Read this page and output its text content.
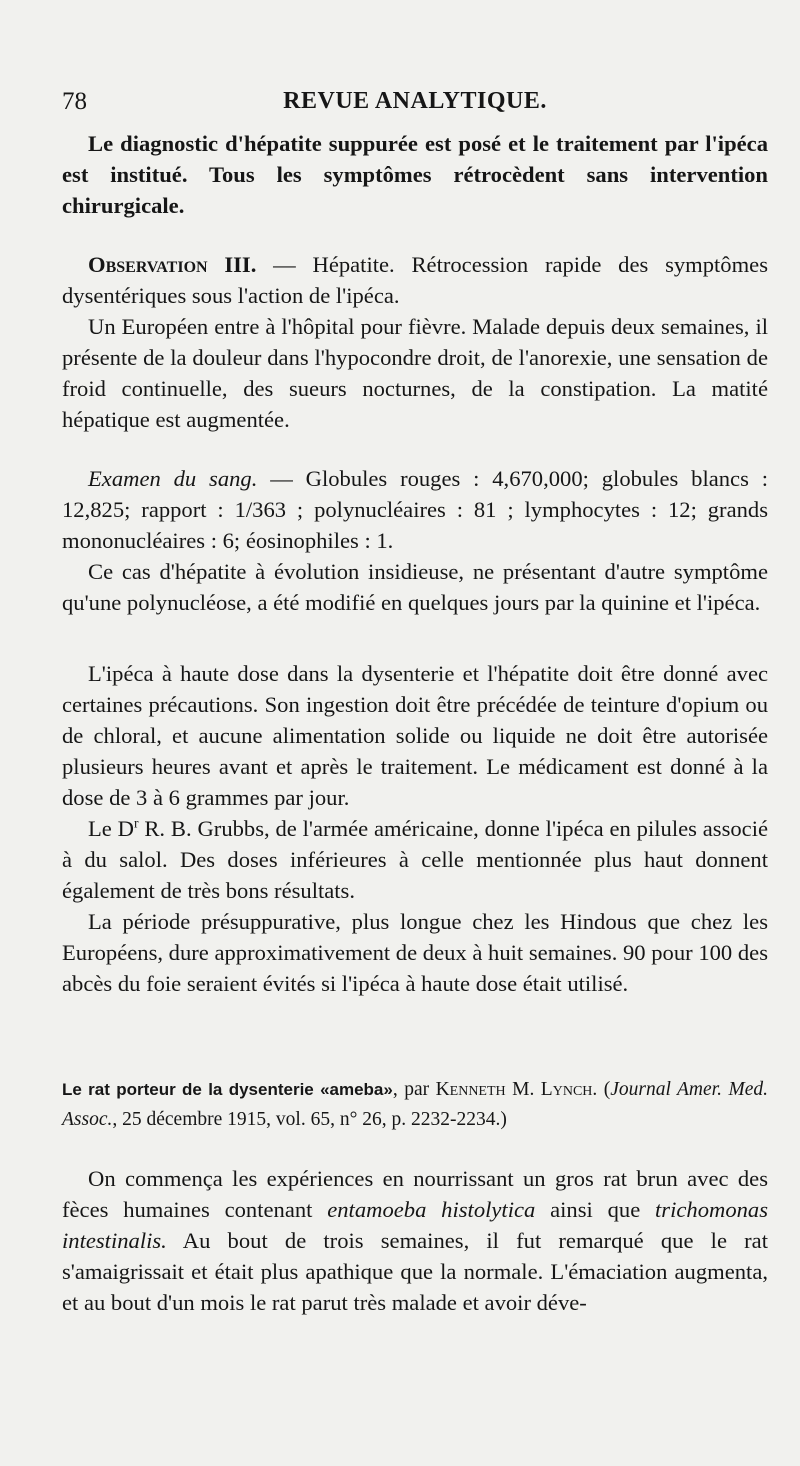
78	REVUE ANALYTIQUE.

Le diagnostic d'hépatite suppurée est posé et le traitement par l'ipéca est institué. Tous les symptômes rétrocèdent sans intervention chirurgicale.

Observation III. — Hépatite. Rétrocession rapide des symptômes dysentériques sous l'action de l'ipéca.

Un Européen entre à l'hôpital pour fièvre. Malade depuis deux semaines, il présente de la douleur dans l'hypocondre droit, de l'anorexie, une sensation de froid continuelle, des sueurs nocturnes, de la constipation. La matité hépatique est augmentée.

Examen du sang. — Globules rouges : 4,670,000; globules blancs : 12,825; rapport : 1/363 ; polynucléaires : 81 ; lymphocytes : 12; grands mononucléaires : 6; éosinophiles : 1.

Ce cas d'hépatite à évolution insidieuse, ne présentant d'autre symptôme qu'une polynucléose, a été modifié en quelques jours par la quinine et l'ipéca.

L'ipéca à haute dose dans la dysenterie et l'hépatite doit être donné avec certaines précautions. Son ingestion doit être précédée de teinture d'opium ou de chloral, et aucune alimentation solide ou liquide ne doit être autorisée plusieurs heures avant et après le traitement. Le médicament est donné à la dose de 3 à 6 grammes par jour.

Le $D^r$ R. B. Grubbs, de l'armée américaine, donne l'ipéca en pilules associé à du salol. Des doses inférieures à celle mentionnée plus haut donnent également de très bons résultats.

La période présuppurative, plus longue chez les Hindous que chez les Européens, dure approximativement de deux à huit semaines. 90 pour 100 des abcès du foie seraient évités si l'ipéca à haute dose était utilisé.

Le rat porteur de la dysenterie «ameba», par Kenneth M. Lynch. (Journal Amer. Med. Assoc., 25 décembre 1915, vol. 65, n° 26, p. 2232-2234.)

On commença les expériences en nourrissant un gros rat brun avec des fèces humaines contenant entamoeba histolytica ainsi que trichomonas intestinalis. Au bout de trois semaines, il fut remarqué que le rat s'amaigrissait et était plus apathique que la normale. L'émaciation augmenta, et au bout d'un mois le rat parut très malade et avoir déve-
